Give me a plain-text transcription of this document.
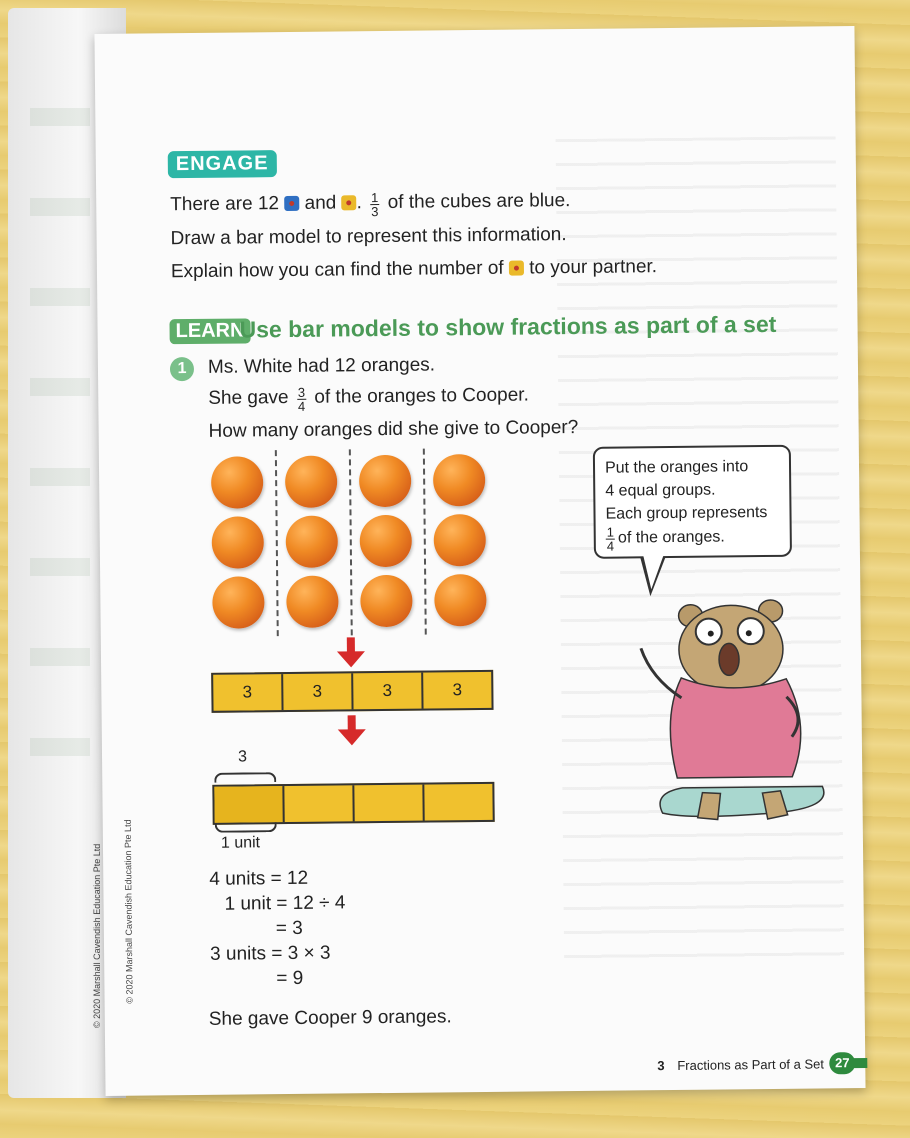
© 2020 Marshall Cavendish Education Pte Ltd © 2020 Marshall Cavendish Education Pte Ltd
ENGAGE
There are 12 and . $\frac{1}{3}$ of the cubes are blue.
Draw a bar model to represent this information.
Explain how you can find the number of to your partner.
LEARN
Use bar models to show fractions as part of a set
1	Ms. White had 12 oranges.
She gave $\frac{3}{4}$ of the oranges to Cooper.
How many oranges did she give to Cooper?
3	3	3	3
3
1 unit
4 units = 12
1 unit = 12 ÷ 4
= 3
3 units = 3 × 3
= 9
She gave Cooper 9 oranges.
Put the oranges into
4 equal groups.
Each group represents
$\frac{1}{4}$ of the oranges.
3 Fractions as Part of a Set 27
